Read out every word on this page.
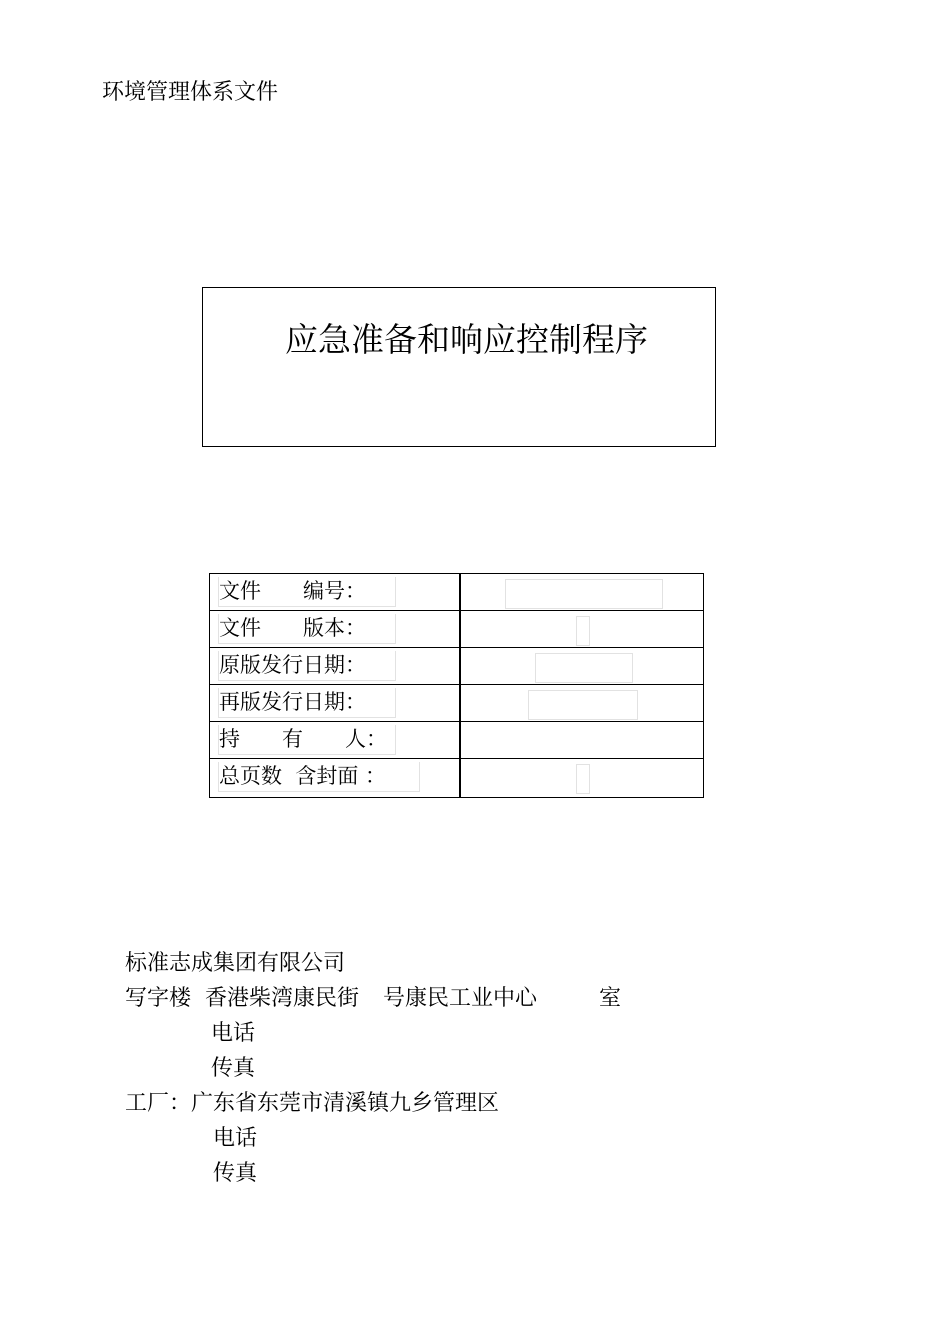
环境管理体系文件
应急准备和响应控制程序
文件　　编号：
文件　　版本：
原版发行日期：
再版发行日期：
持　　有　　人：
总页数  含封面 ：
标准志成集团有限公司
写字楼 香港柴湾康民街 号康民工业中心	室
电话
传真
工厂：广东省东莞市清溪镇九乡管理区
电话
传真
